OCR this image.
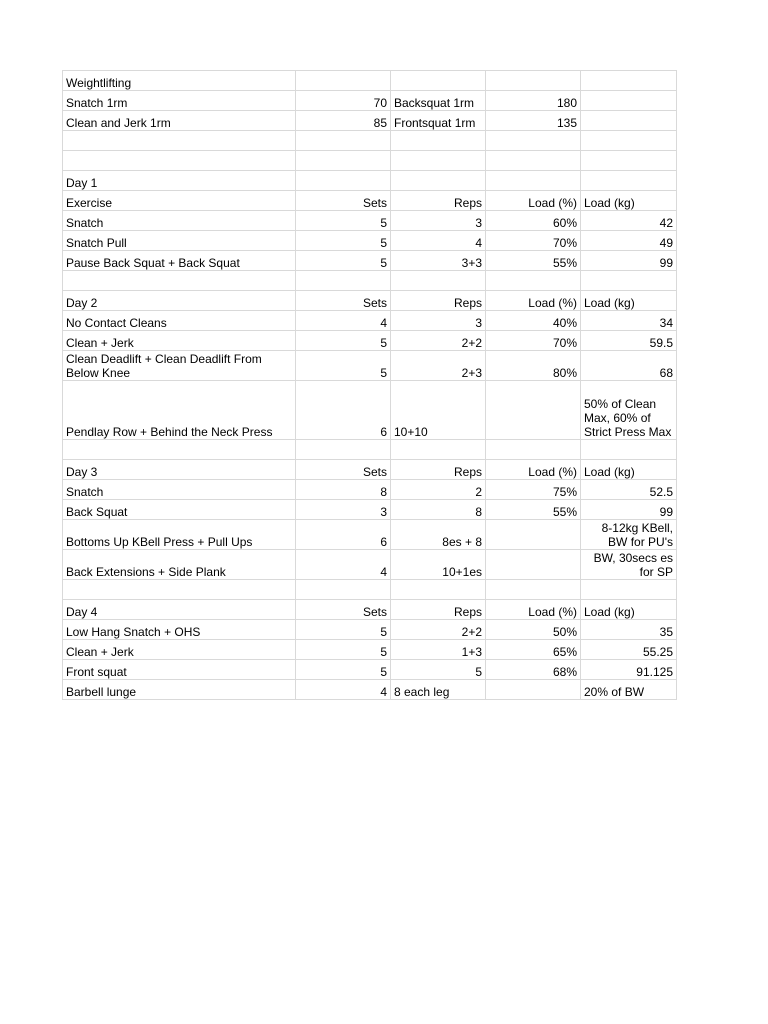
Weightlifting				
Snatch 1rm	70	Backsquat 1rm	180	
Clean and Jerk 1rm	85	Frontsquat 1rm	135	

Day 1				
Exercise	Sets	Reps	Load (%)	Load (kg)
Snatch	5	3	60%	42
Snatch Pull	5	4	70%	49
Pause Back Squat + Back Squat	5	3+3	55%	99

Day 2	Sets	Reps	Load (%)	Load (kg)
No Contact Cleans	4	3	40%	34
Clean + Jerk	5	2+2	70%	59.5
Clean Deadlift + Clean Deadlift From Below Knee	5	2+3	80%	68
Pendlay Row + Behind the Neck Press	6	10+10		50% of Clean Max, 60% of Strict Press Max

Day 3	Sets	Reps	Load (%)	Load (kg)
Snatch	8	2	75%	52.5
Back Squat	3	8	55%	99
Bottoms Up KBell Press + Pull Ups	6	8es + 8		8-12kg KBell, BW for PU's
Back Extensions + Side Plank	4	10+1es		BW, 30secs es for SP

Day 4	Sets	Reps	Load (%)	Load (kg)
Low Hang Snatch + OHS	5	2+2	50%	35
Clean + Jerk	5	1+3	65%	55.25
Front squat	5	5	68%	91.125
Barbell lunge	4	8 each leg		20% of BW
